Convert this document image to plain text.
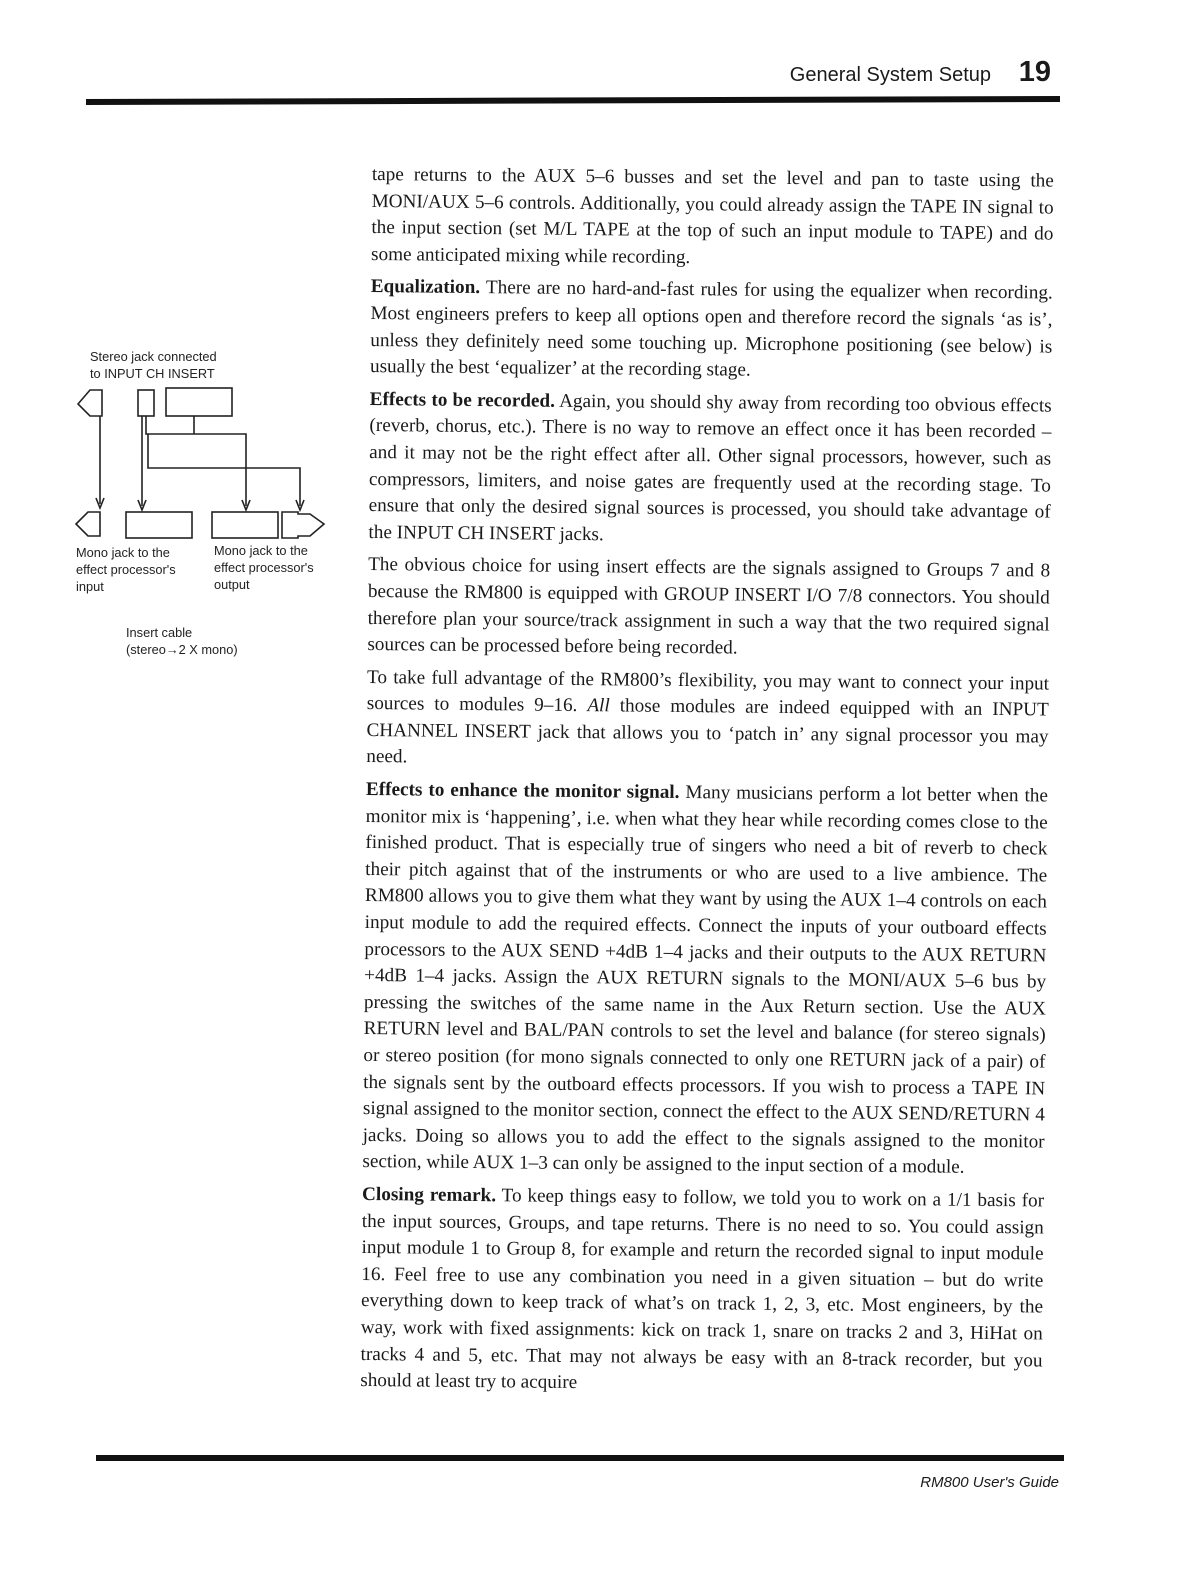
General System Setup 19
Stereo jack connected
to INPUT CH INSERT
Mono jack to the
effect processor's
input
Mono jack to the
effect processor's
output
Insert cable
(stereo→2 X mono)

tape returns to the AUX 5–6 busses and set the level and pan to taste using the MONI/AUX 5–6 controls. Additionally, you could already assign the TAPE IN signal to the input section (set M/L TAPE at the top of such an input module to TAPE) and do some anticipated mixing while recording.

Equalization. There are no hard-and-fast rules for using the equalizer when recording. Most engineers prefers to keep all options open and therefore record the signals ‘as is’, unless they definitely need some touching up. Microphone positioning (see below) is usually the best ‘equalizer’ at the recording stage.

Effects to be recorded. Again, you should shy away from recording too obvious effects (reverb, chorus, etc.). There is no way to remove an effect once it has been recorded – and it may not be the right effect after all. Other signal processors, however, such as compressors, limiters, and noise gates are frequently used at the recording stage. To ensure that only the desired signal sources is processed, you should take advantage of the INPUT CH INSERT jacks.

The obvious choice for using insert effects are the signals assigned to Groups 7 and 8 because the RM800 is equipped with GROUP INSERT I/O 7/8 connectors. You should therefore plan your source/track assignment in such a way that the two required signal sources can be processed before being recorded.

To take full advantage of the RM800’s flexibility, you may want to connect your input sources to modules 9–16. All those modules are indeed equipped with an INPUT CHANNEL INSERT jack that allows you to ‘patch in’ any signal processor you may need.

Effects to enhance the monitor signal. Many musicians perform a lot better when the monitor mix is ‘happening’, i.e. when what they hear while recording comes close to the finished product. That is especially true of singers who need a bit of reverb to check their pitch against that of the instruments or who are used to a live ambience. The RM800 allows you to give them what they want by using the AUX 1–4 controls on each input module to add the required effects. Connect the inputs of your outboard effects processors to the AUX SEND +4dB 1–4 jacks and their outputs to the AUX RETURN +4dB 1–4 jacks. Assign the AUX RETURN signals to the MONI/AUX 5–6 bus by pressing the switches of the same name in the Aux Return section. Use the AUX RETURN level and BAL/PAN controls to set the level and balance (for stereo signals) or stereo position (for mono signals connected to only one RETURN jack of a pair) of the signals sent by the outboard effects processors. If you wish to process a TAPE IN signal assigned to the monitor section, connect the effect to the AUX SEND/RETURN 4 jacks. Doing so allows you to add the effect to the signals assigned to the monitor section, while AUX 1–3 can only be assigned to the input section of a module.

Closing remark. To keep things easy to follow, we told you to work on a 1/1 basis for the input sources, Groups, and tape returns. There is no need to so. You could assign input module 1 to Group 8, for example and return the recorded signal to input module 16. Feel free to use any combination you need in a given situation – but do write everything down to keep track of what’s on track 1, 2, 3, etc. Most engineers, by the way, work with fixed assignments: kick on track 1, snare on tracks 2 and 3, HiHat on tracks 4 and 5, etc. That may not always be easy with an 8-track recorder, but you should at least try to acquire

RM800 User's Guide
